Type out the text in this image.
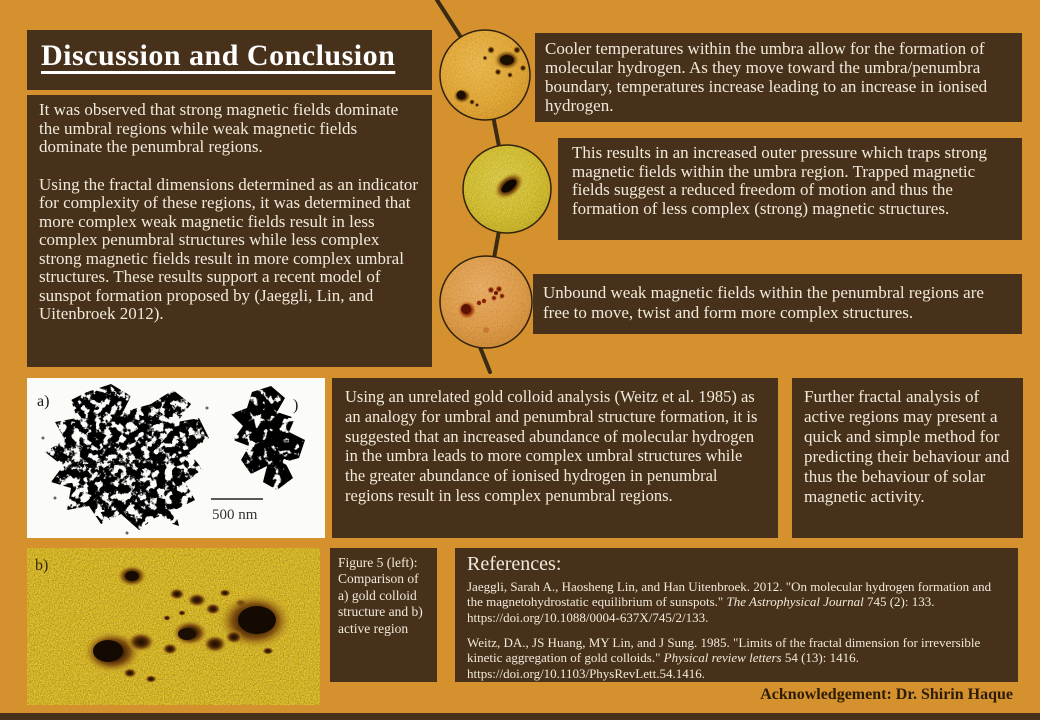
Discussion and Conclusion

It was observed that strong magnetic fields dominate the umbral regions while weak magnetic fields dominate the penumbral regions.

Using the fractal dimensions determined as an indicator for complexity of these regions, it was determined that more complex weak magnetic fields result in less complex penumbral structures while less complex strong magnetic fields result in more complex umbral structures. These results support a recent model of sunspot formation proposed by (Jaeggli, Lin, and Uitenbroek 2012).

Cooler temperatures within the umbra allow for the formation of molecular hydrogen. As they move toward the umbra/penumbra boundary, temperatures increase leading to an increase in ionised hydrogen.
This results in an increased outer pressure which traps strong magnetic fields within the umbra region. Trapped magnetic fields suggest a reduced freedom of motion and thus the formation of less complex (strong) magnetic structures.
Unbound weak magnetic fields within the penumbral regions are free to move, twist and form more complex structures.
a)	)
500 nm
Using an unrelated gold colloid analysis (Weitz et al. 1985) as an analogy for umbral and penumbral structure formation, it is suggested that an increased abundance of molecular hydrogen in the umbra leads to more complex umbral structures while the greater abundance of ionised hydrogen in penumbral regions result in less complex penumbral regions.
Further fractal analysis of active regions may present a quick and simple method for predicting their behaviour and thus the behaviour of solar magnetic activity.
b)	Figure 5 (left): Comparison of a) gold colloid structure and b) active region
References:

Jaeggli, Sarah A., Haosheng Lin, and Han Uitenbroek. 2012. "On molecular hydrogen formation and the magnetohydrostatic equilibrium of sunspots." The Astrophysical Journal 745 (2): 133. https://doi.org/10.1088/0004-637X/745/2/133.

Weitz, DA., JS Huang, MY Lin, and J Sung. 1985. "Limits of the fractal dimension for irreversible kinetic aggregation of gold colloids." Physical review letters 54 (13): 1416. https://doi.org/10.1103/PhysRevLett.54.1416.

Acknowledgement: Dr. Shirin Haque
